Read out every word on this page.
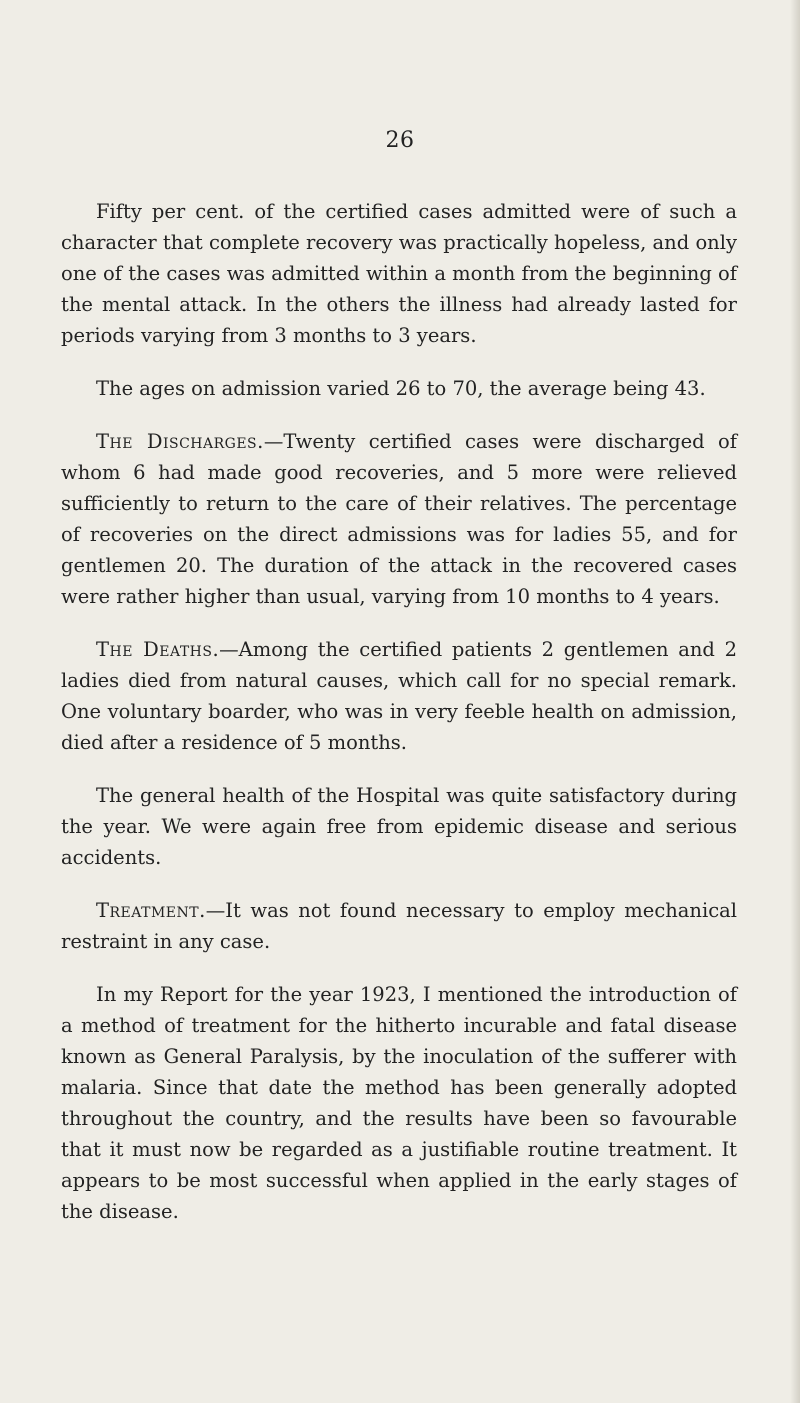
26

Fifty per cent. of the certified cases admitted were of such a character that complete recovery was practically hopeless, and only one of the cases was admitted within a month from the beginning of the mental attack. In the others the illness had already lasted for periods varying from 3 months to 3 years.

The ages on admission varied 26 to 70, the average being 43.

The Discharges.—Twenty certified cases were discharged of whom 6 had made good recoveries, and 5 more were relieved sufficiently to return to the care of their relatives. The percentage of recoveries on the direct admissions was for ladies 55, and for gentlemen 20. The duration of the attack in the recovered cases were rather higher than usual, varying from 10 months to 4 years.

The Deaths.—Among the certified patients 2 gentlemen and 2 ladies died from natural causes, which call for no special remark. One voluntary boarder, who was in very feeble health on admission, died after a residence of 5 months.

The general health of the Hospital was quite satisfactory during the year. We were again free from epidemic disease and serious accidents.

Treatment.—It was not found necessary to employ mechanical restraint in any case.

In my Report for the year 1923, I mentioned the introduction of a method of treatment for the hitherto incurable and fatal disease known as General Paralysis, by the inoculation of the sufferer with malaria. Since that date the method has been generally adopted throughout the country, and the results have been so favourable that it must now be regarded as a justifiable routine treatment. It appears to be most successful when applied in the early stages of the disease.
